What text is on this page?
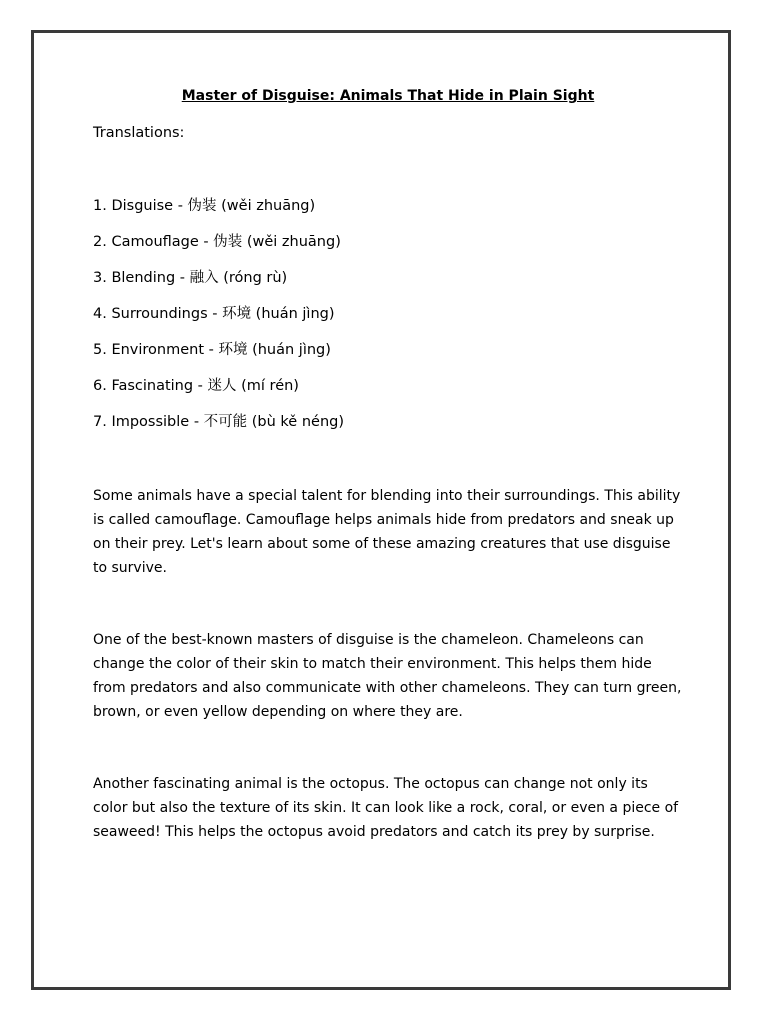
Master of Disguise: Animals That Hide in Plain Sight
Translations:
1. Disguise - 伪装 (wěi zhuāng)
2. Camouflage - 伪装 (wěi zhuāng)
3. Blending - 融入 (róng rù)
4. Surroundings - 环境 (huán jìng)
5. Environment - 环境 (huán jìng)
6. Fascinating - 迷人 (mí rén)
7. Impossible - 不可能 (bù kě néng)

Some animals have a special talent for blending into their surroundings. This ability is called camouflage. Camouflage helps animals hide from predators and sneak up on their prey. Let's learn about some of these amazing creatures that use disguise to survive.

One of the best-known masters of disguise is the chameleon. Chameleons can change the color of their skin to match their environment. This helps them hide from predators and also communicate with other chameleons. They can turn green, brown, or even yellow depending on where they are.

Another fascinating animal is the octopus. The octopus can change not only its color but also the texture of its skin. It can look like a rock, coral, or even a piece of seaweed! This helps the octopus avoid predators and catch its prey by surprise.
